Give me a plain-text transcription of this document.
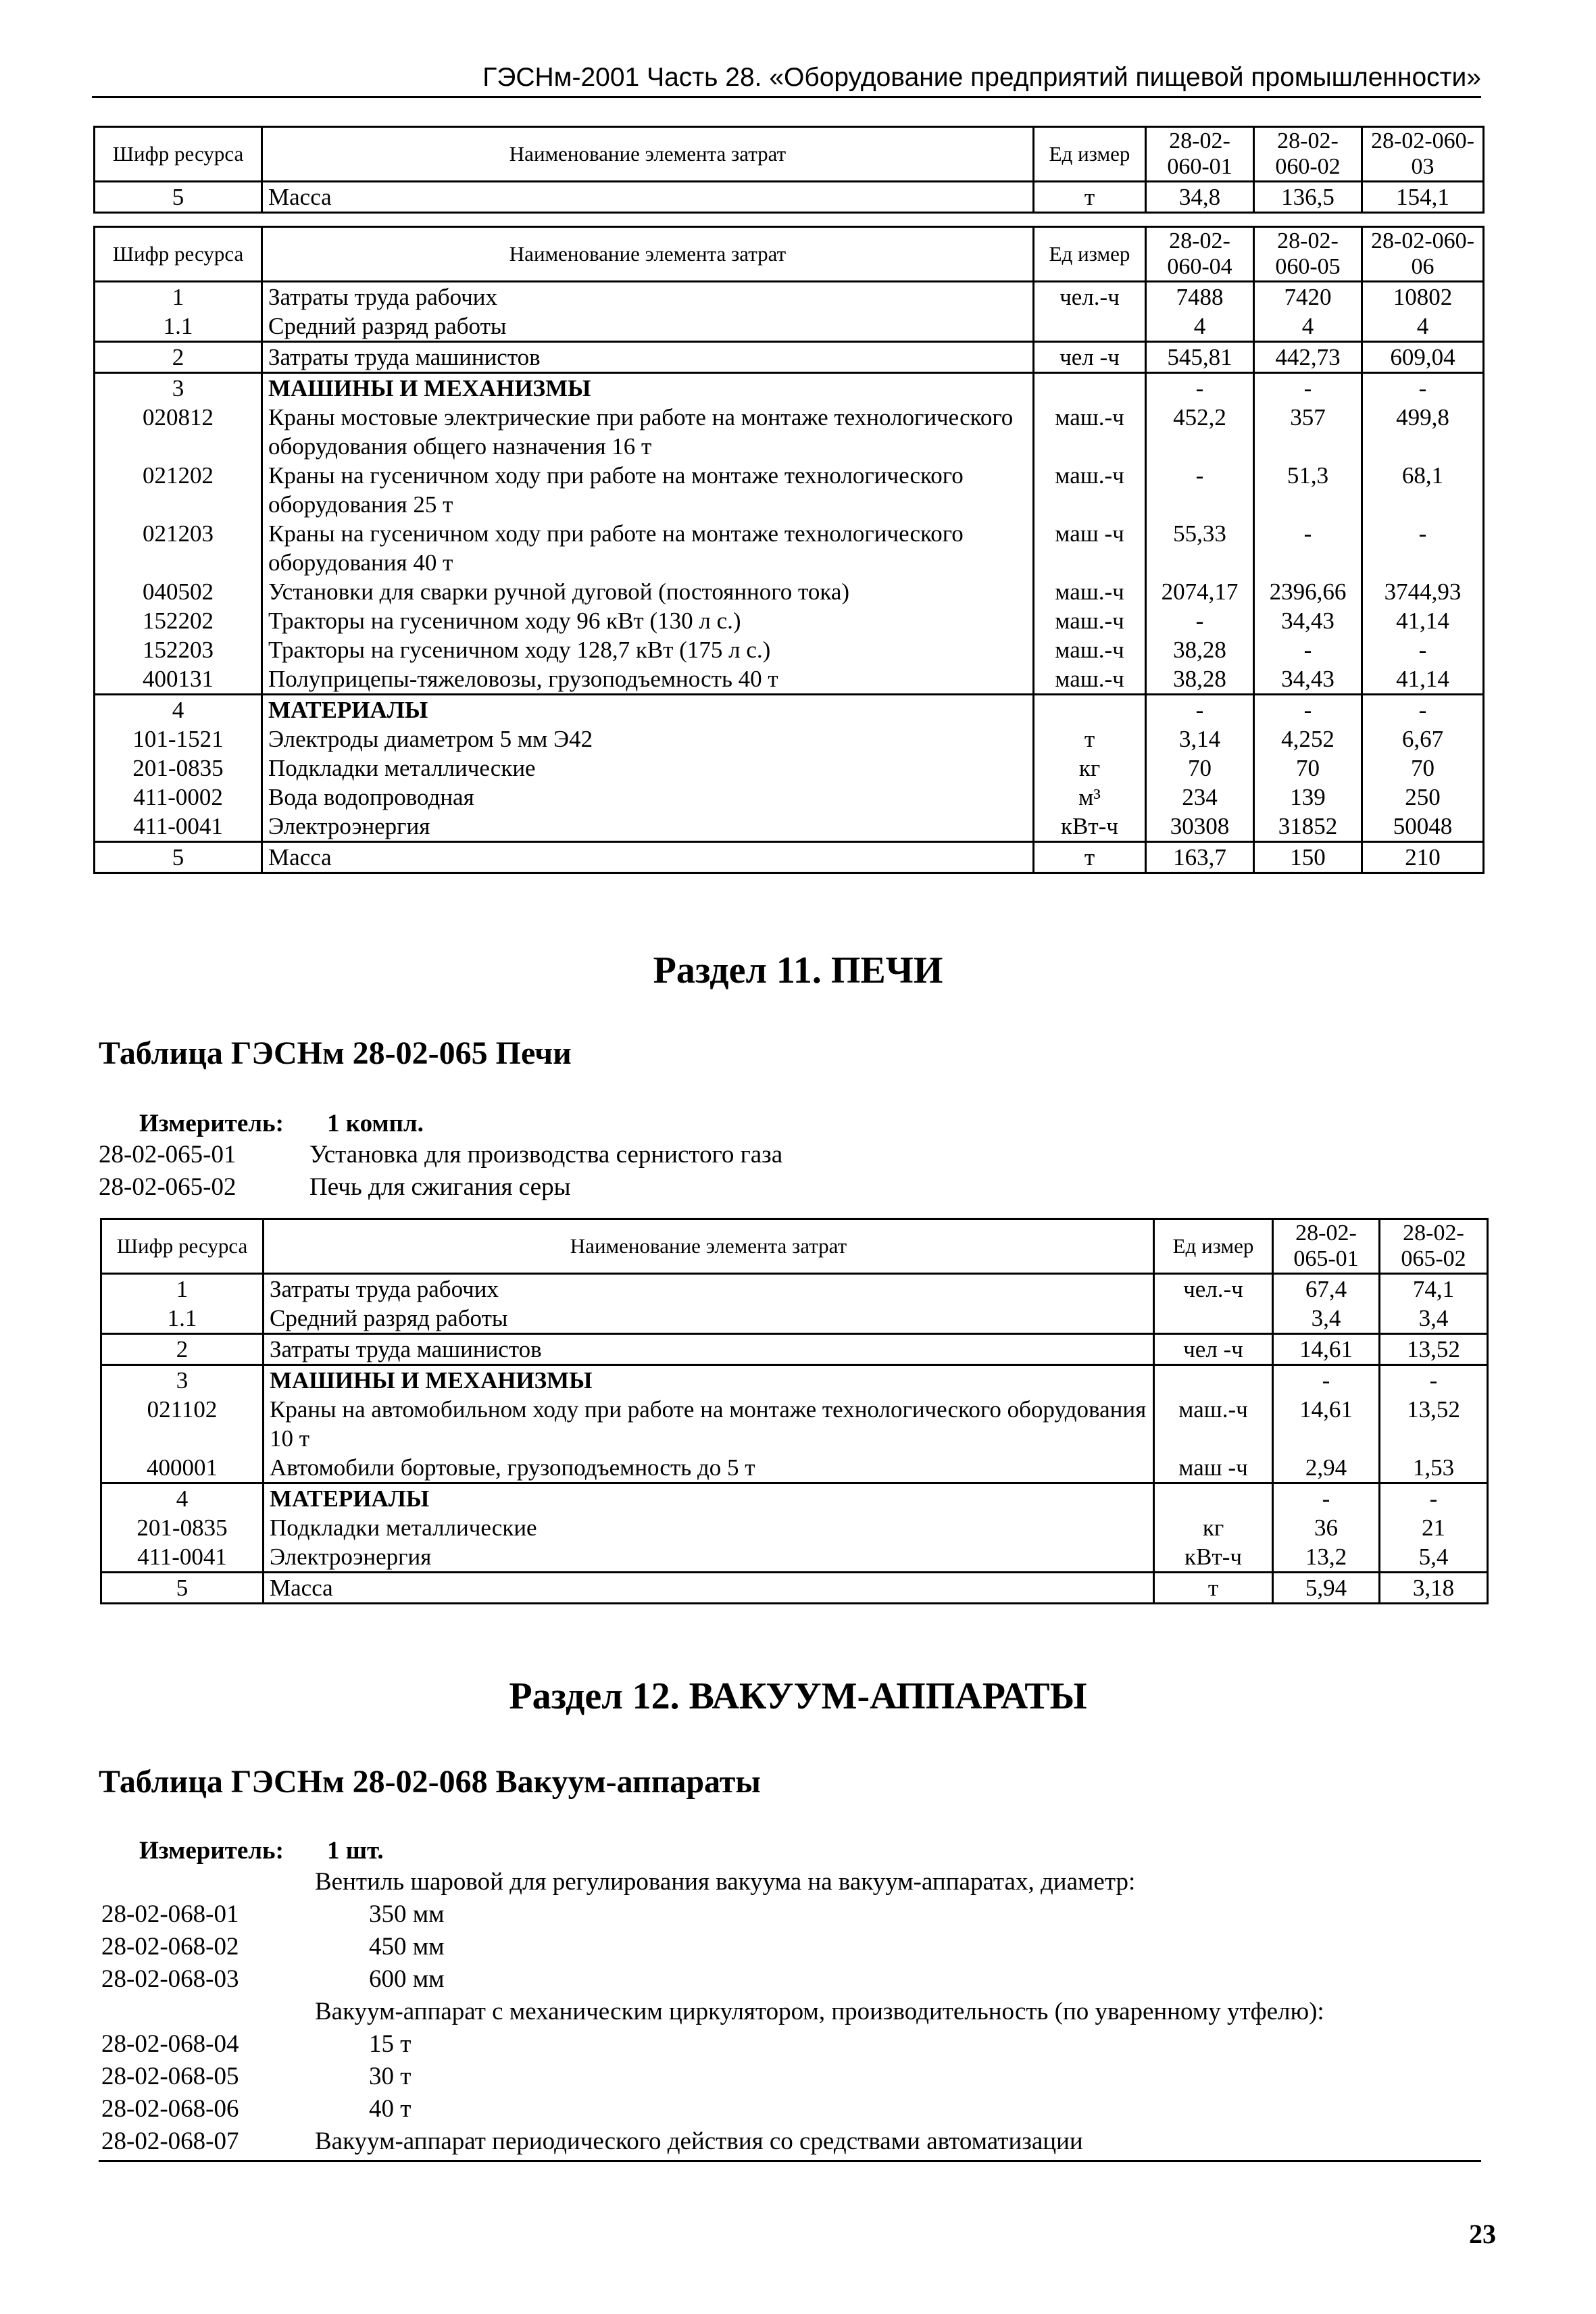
ГЭСНм-2001 Часть 28. «Оборудование предприятий пищевой промышленности»
Шифр ресурса	Наименование элемента затрат	Ед измер	28-02-060-01	28-02-060-02	28-02-060-03
5	Масса	т	34,8	136,5	154,1
Шифр ресурса	Наименование элемента затрат	Ед измер	28-02-060-04	28-02-060-05	28-02-060-06
1	Затраты труда рабочих	чел.-ч	7488	7420	10802
1.1	Средний разряд работы		4	4	4
2	Затраты труда машинистов	чел -ч	545,81	442,73	609,04
3	МАШИНЫ И МЕХАНИЗМЫ		-	-	-
020812	Краны мостовые электрические при работе на монтаже технологического оборудования общего назначения 16 т	маш.-ч	452,2	357	499,8
021202	Краны на гусеничном ходу при работе на монтаже технологического оборудования 25 т	маш.-ч	-	51,3	68,1
021203	Краны на гусеничном ходу при работе на монтаже технологического оборудования 40 т	маш -ч	55,33	-	-
040502	Установки для сварки ручной дуговой (постоянного тока)	маш.-ч	2074,17	2396,66	3744,93
152202	Тракторы на гусеничном ходу 96 кВт (130 л с.)	маш.-ч	-	34,43	41,14
152203	Тракторы на гусеничном ходу 128,7 кВт (175 л с.)	маш.-ч	38,28	-	-
400131	Полуприцепы-тяжеловозы, грузоподъемность 40 т	маш.-ч	38,28	34,43	41,14
4	МАТЕРИАЛЫ		-	-	-
101-1521	Электроды диаметром 5 мм Э42	т	3,14	4,252	6,67
201-0835	Подкладки металлические	кг	70	70	70
411-0002	Вода водопроводная	м³	234	139	250
411-0041	Электроэнергия	кВт-ч	30308	31852	50048
5	Масса	т	163,7	150	210
Раздел 11. ПЕЧИ
Таблица ГЭСНм 28-02-065 Печи
Измеритель: 1 компл.
28-02-065-01	Установка для производства сернистого газа
28-02-065-02	Печь для сжигания серы
Шифр ресурса	Наименование элемента затрат	Ед измер	28-02-065-01	28-02-065-02
1	Затраты труда рабочих	чел.-ч	67,4	74,1
1.1	Средний разряд работы		3,4	3,4
2	Затраты труда машинистов	чел -ч	14,61	13,52
3	МАШИНЫ И МЕХАНИЗМЫ		-	-
021102	Краны на автомобильном ходу при работе на монтаже технологического оборудования 10 т	маш.-ч	14,61	13,52
400001	Автомобили бортовые, грузоподъемность до 5 т	маш -ч	2,94	1,53
4	МАТЕРИАЛЫ		-	-
201-0835	Подкладки металлические	кг	36	21
411-0041	Электроэнергия	кВт-ч	13,2	5,4
5	Масса	т	5,94	3,18
Раздел 12. ВАКУУМ-АППАРАТЫ
Таблица ГЭСНм 28-02-068 Вакуум-аппараты
Измеритель: 1 шт.
Вентиль шаровой для регулирования вакуума на вакуум-аппаратах, диаметр:
28-02-068-01	350 мм
28-02-068-02	450 мм
28-02-068-03	600 мм
Вакуум-аппарат с механическим циркулятором, производительность (по уваренному утфелю):
28-02-068-04	15 т
28-02-068-05	30 т
28-02-068-06	40 т
28-02-068-07	Вакуум-аппарат периодического действия со средствами автоматизации
23
